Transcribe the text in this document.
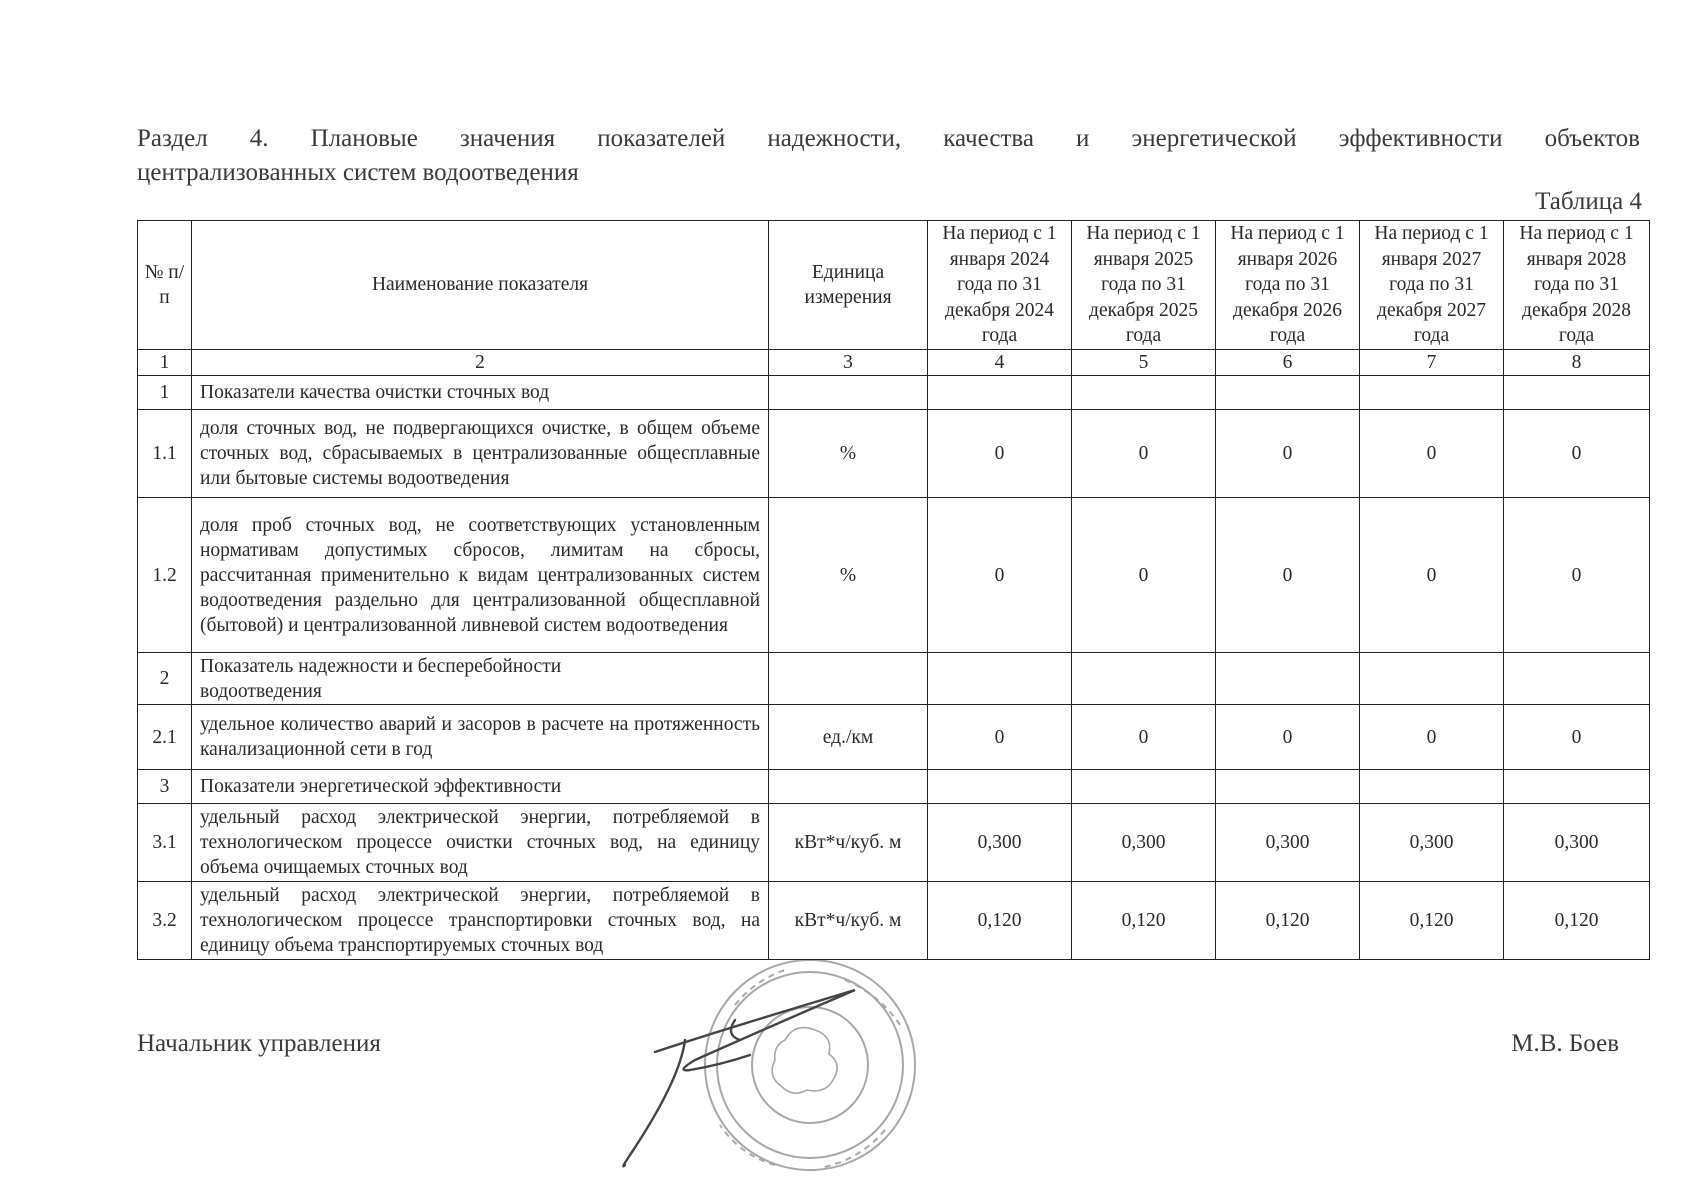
Раздел 4. Плановые значения показателей надежности, качества и энергетической эффективности объектов
централизованных систем водоотведения
Таблица 4
№ п/п	Наименование показателя	Единица измерения	На период с 1 января 2024 года по 31 декабря 2024 года	На период с 1 января 2025 года по 31 декабря 2025 года	На период с 1 января 2026 года по 31 декабря 2026 года	На период с 1 января 2027 года по 31 декабря 2027 года	На период с 1 января 2028 года по 31 декабря 2028 года
1	2	3	4	5	6	7	8
1	Показатели качества очистки сточных вод						
1.1	доля сточных вод, не подвергающихся очистке, в общем объеме сточных вод, сбрасываемых в централизованные общесплавные или бытовые системы водоотведения	%	0	0	0	0	0
1.2	доля проб сточных вод, не соответствующих установленным нормативам допустимых сбросов, лимитам на сбросы, рассчитанная применительно к видам централизованных систем водоотведения раздельно для централизованной общесплавной (бытовой) и централизованной ливневой систем водоотведения	%	0	0	0	0	0
2	Показатель надежности и бесперебойности водоотведения						
2.1	удельное количество аварий и засоров в расчете на протяженность канализационной сети в год	ед./км	0	0	0	0	0
3	Показатели энергетической эффективности						
3.1	удельный расход электрической энергии, потребляемой в технологическом процессе очистки сточных вод, на единицу объема очищаемых сточных вод	кВт*ч/куб. м	0,300	0,300	0,300	0,300	0,300
3.2	удельный расход электрической энергии, потребляемой в технологическом процессе транспортировки сточных вод, на единицу объема транспортируемых сточных вод	кВт*ч/куб. м	0,120	0,120	0,120	0,120	0,120
Начальник управления	М.В. Боев
